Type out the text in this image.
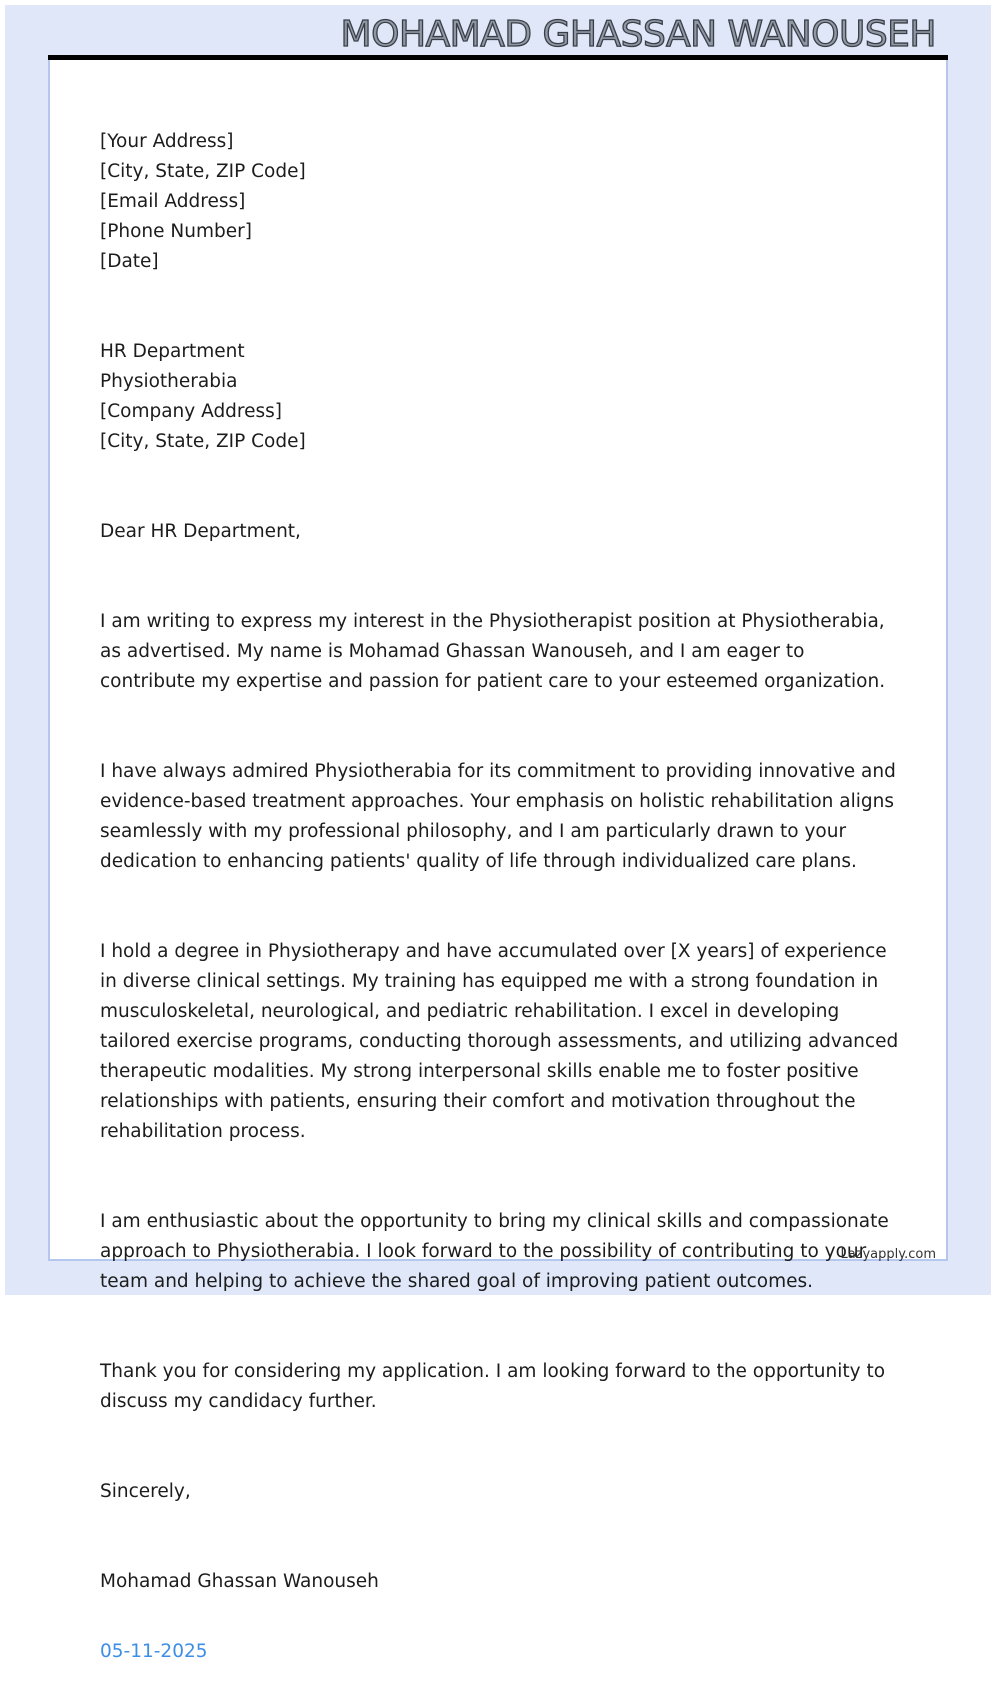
MOHAMAD GHASSAN WANOUSEH

[Your Address]
[City, State, ZIP Code]
[Email Address]
[Phone Number]
[Date]

HR Department
Physiotherabia
[Company Address]
[City, State, ZIP Code]

Dear HR Department,

I am writing to express my interest in the Physiotherapist position at Physiotherabia, as advertised. My name is Mohamad Ghassan Wanouseh, and I am eager to contribute my expertise and passion for patient care to your esteemed organization.

I have always admired Physiotherabia for its commitment to providing innovative and evidence-based treatment approaches. Your emphasis on holistic rehabilitation aligns seamlessly with my professional philosophy, and I am particularly drawn to your dedication to enhancing patients' quality of life through individualized care plans.

I hold a degree in Physiotherapy and have accumulated over [X years] of experience in diverse clinical settings. My training has equipped me with a strong foundation in musculoskeletal, neurological, and pediatric rehabilitation. I excel in developing tailored exercise programs, conducting thorough assessments, and utilizing advanced therapeutic modalities. My strong interpersonal skills enable me to foster positive relationships with patients, ensuring their comfort and motivation throughout the rehabilitation process.

I am enthusiastic about the opportunity to bring my clinical skills and compassionate approach to Physiotherabia. I look forward to the possibility of contributing to your team and helping to achieve the shared goal of improving patient outcomes.

Thank you for considering my application. I am looking forward to the opportunity to discuss my candidacy further.

Sincerely,

Mohamad Ghassan Wanouseh

05-11-2025

Lazyapply.com
